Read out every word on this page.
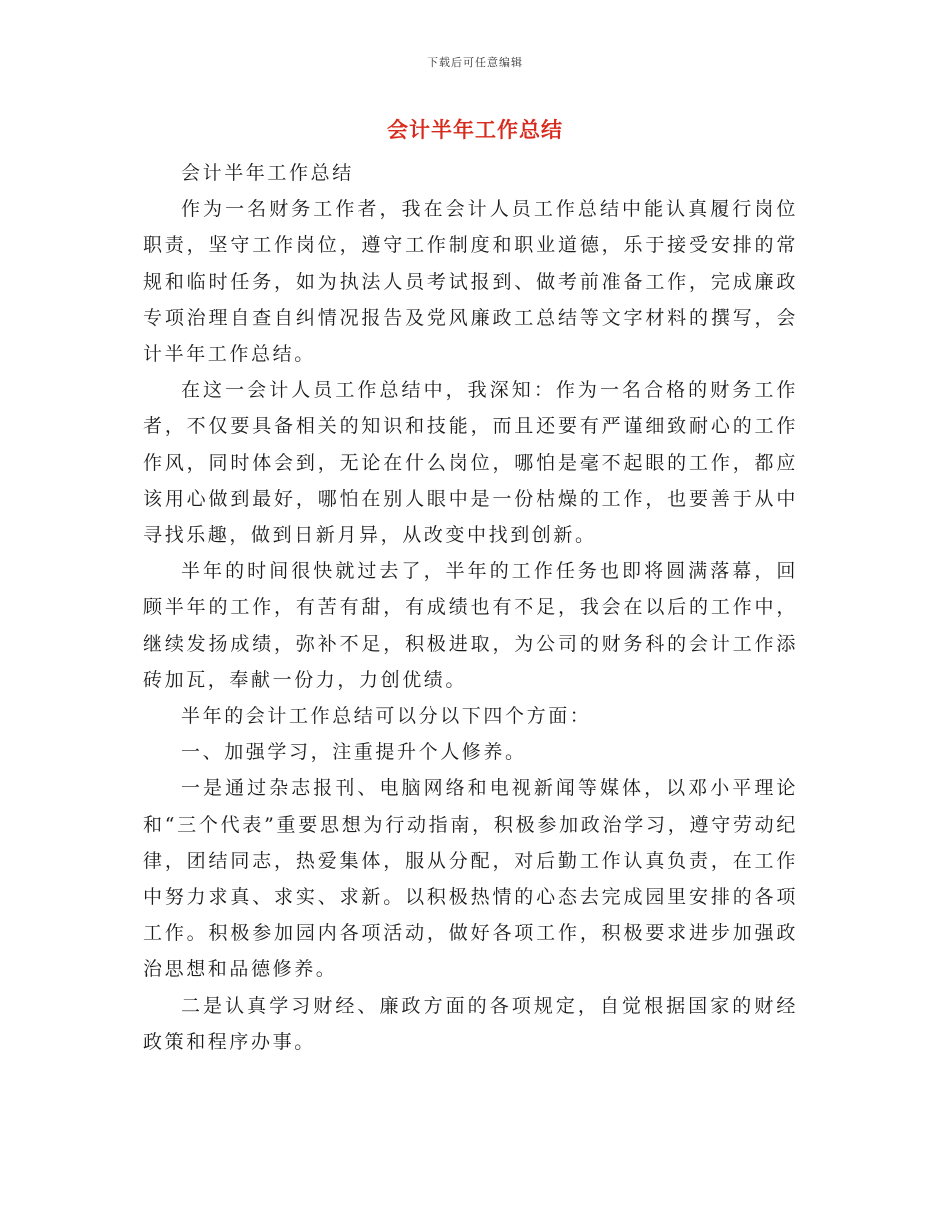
下载后可任意编辑
会计半年工作总结

会计半年工作总结

作为一名财务工作者，我在会计人员工作总结中能认真履行岗位职责，坚守工作岗位，遵守工作制度和职业道德，乐于接受安排的常规和临时任务，如为执法人员考试报到、做考前准备工作，完成廉政专项治理自查自纠情况报告及党风廉政工总结等文字材料的撰写，会计半年工作总结。

在这一会计人员工作总结中，我深知：作为一名合格的财务工作者，不仅要具备相关的知识和技能，而且还要有严谨细致耐心的工作作风，同时体会到，无论在什么岗位，哪怕是毫不起眼的工作，都应该用心做到最好，哪怕在别人眼中是一份枯燥的工作，也要善于从中寻找乐趣，做到日新月异，从改变中找到创新。

半年的时间很快就过去了，半年的工作任务也即将圆满落幕，回顾半年的工作，有苦有甜，有成绩也有不足，我会在以后的工作中，继续发扬成绩，弥补不足，积极进取，为公司的财务科的会计工作添砖加瓦，奉献一份力，力创优绩。

半年的会计工作总结可以分以下四个方面：

一、加强学习，注重提升个人修养。

一是通过杂志报刊、电脑网络和电视新闻等媒体，以邓小平理论和“三个代表”重要思想为行动指南，积极参加政治学习，遵守劳动纪律，团结同志，热爱集体，服从分配，对后勤工作认真负责，在工作中努力求真、求实、求新。以积极热情的心态去完成园里安排的各项工作。积极参加园内各项活动，做好各项工作，积极要求进步加强政治思想和品德修养。

二是认真学习财经、廉政方面的各项规定，自觉根据国家的财经政策和程序办事。
